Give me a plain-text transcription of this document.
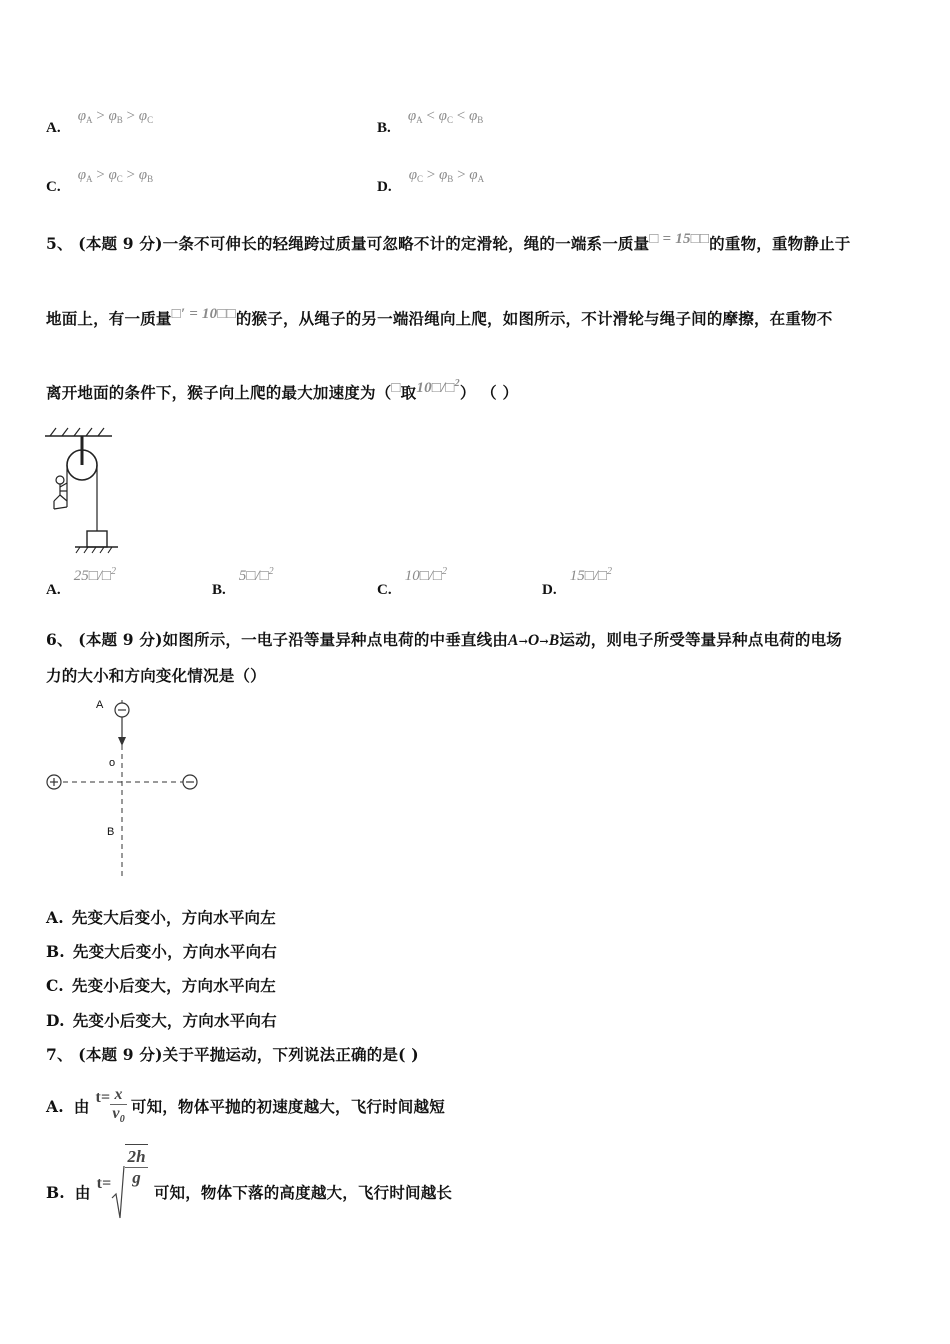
A. $\varphi_A > \varphi_B > \varphi_C$	B. $\varphi_A < \varphi_C < \varphi_B$
C. $\varphi_A > \varphi_C > \varphi_B$	D. $\varphi_C > \varphi_B > \varphi_A$
5、 (本题 9 分)一条不可伸长的轻绳跨过质量可忽略不计的定滑轮，绳的一端系一质量□ = 15□□的重物，重物静止于
地面上，有一质量□′ = 10□□的猴子，从绳子的另一端沿绳向上爬，如图所示，不计滑轮与绳子间的摩擦，在重物不
离开地面的条件下，猴子向上爬的最大加速度为（□取10□/□$^2$） （ ）
A. 25□/□$^2$
B. 5□/□$^2$
C. 10□/□$^2$
D. 15□/□$^2$
6、 (本题 9 分)如图所示，一电子沿等量异种点电荷的中垂直线由A→O→B运动，则电子所受等量异种点电荷的电场
力的大小和方向变化情况是（）
A
o
B
A. 先变大后变小，方向水平向左
B. 先变大后变小，方向水平向右
C. 先变小后变大，方向水平向左
D. 先变小后变大，方向水平向右
7、 (本题 9 分)关于平抛运动，下列说法正确的是( )
A. 由 $t= \frac{x}{v_0}$ 可知，物体平抛的初速度越大，飞行时间越短
B. 由 $t= \frac{2h}{g}$
可知，物体下落的高度越大，飞行时间越长
